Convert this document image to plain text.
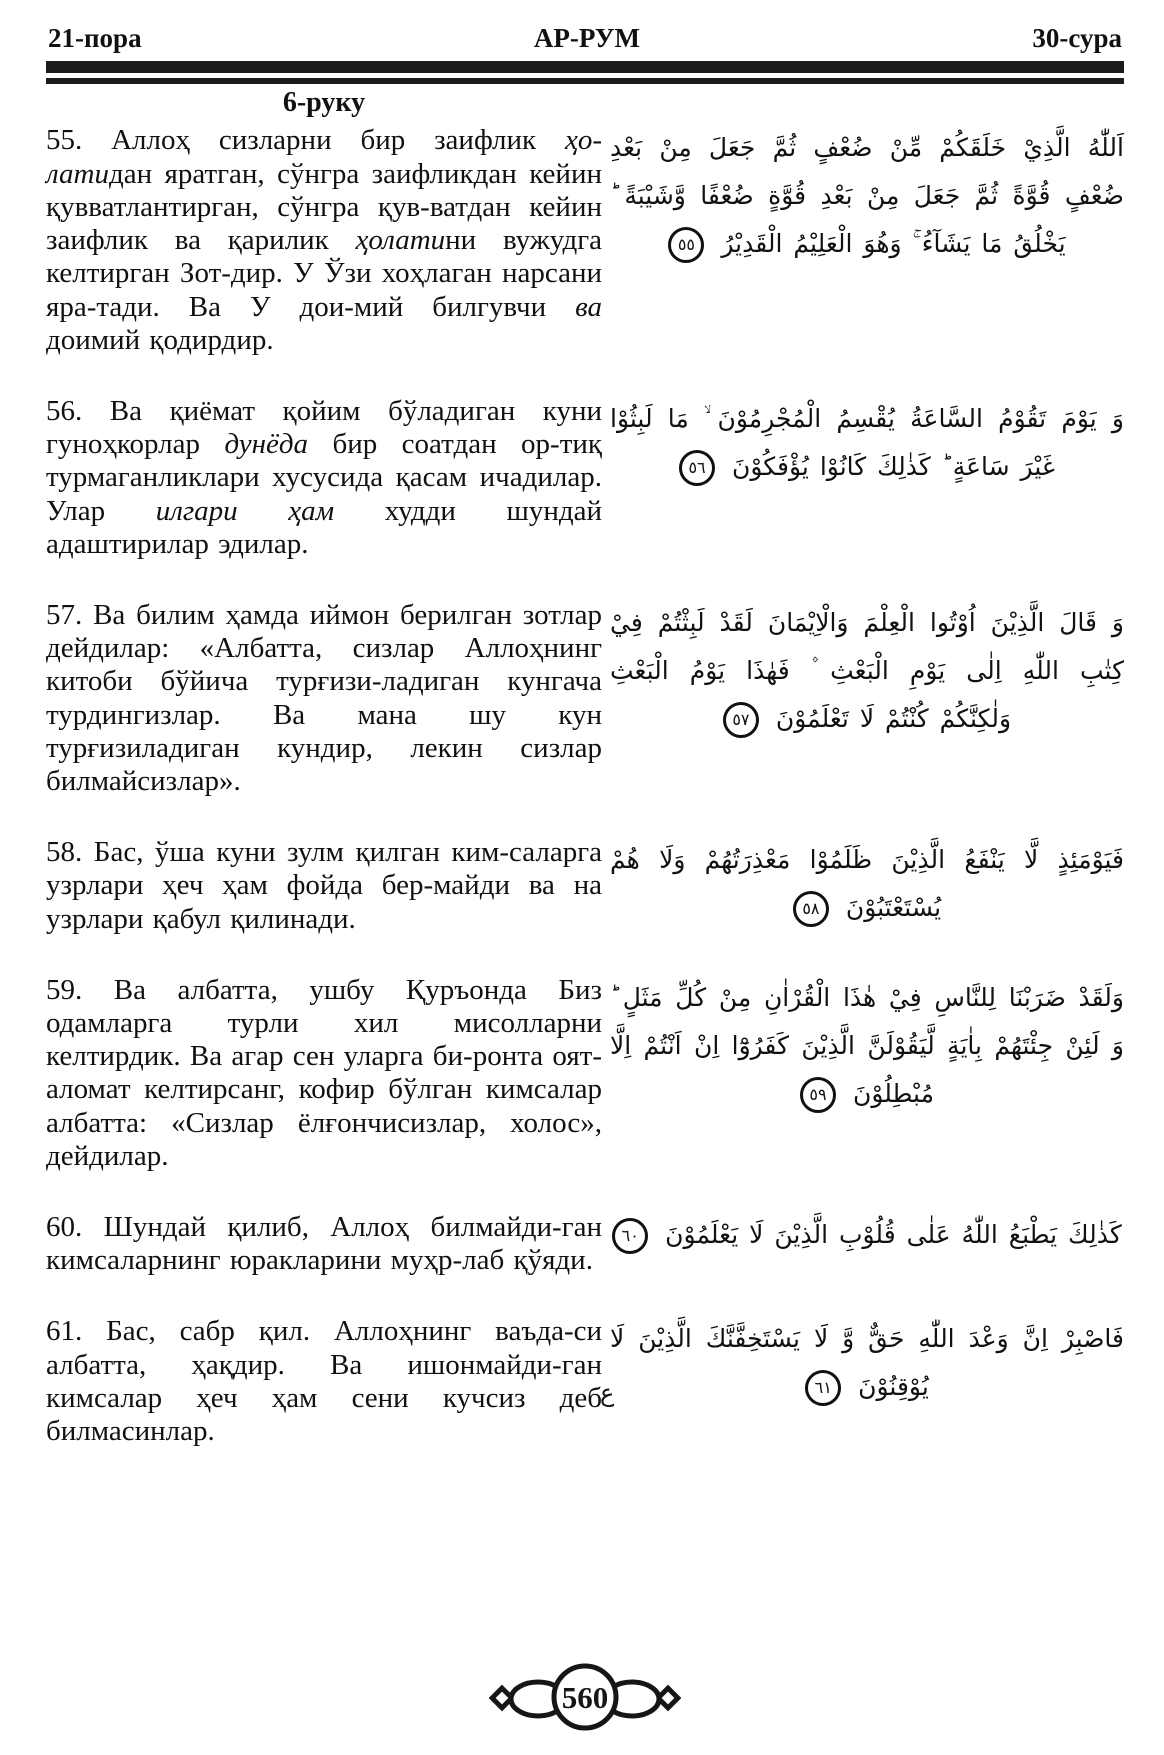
21-пора	АР-РУМ	30-сура
6-руку
55. Аллоҳ сизларни бир заифлик ҳо-латидан яратган, сўнгра заифликдан кейин қувватлантирган, сўнгра қув-ватдан кейин заифлик ва қарилик ҳолатини вужудга келтирган Зот-дир. У Ўзи хоҳлаган нарсани яра-тади. Ва У дои-мий билгувчи ва доимий қодирдир.
اَللّٰهُ الَّذِيْ خَلَقَكُمْ مِّنْ ضُعْفٍ ثُمَّ جَعَلَ مِنْ بَعْدِ ضُعْفٍ قُوَّةً ثُمَّ جَعَلَ مِنْ بَعْدِ قُوَّةٍ ضُعْفًا وَّشَيْبَةً ؕ يَخْلُقُ مَا يَشَآءُ ۚ وَهُوَ الْعَلِيْمُ الْقَدِيْرُ ٥٥
56. Ва қиёмат қойим бўладиган куни гуноҳкорлар дунёда бир соатдан ор-тиқ турмаганликлари хусусида қасам ичадилар. Улар илгари ҳам худди шундай адаштирилар эдилар.
وَ يَوْمَ تَقُوْمُ السَّاعَةُ يُقْسِمُ الْمُجْرِمُوْنَ ۙ مَا لَبِثُوْا غَيْرَ سَاعَةٍ ؕ كَذٰلِكَ كَانُوْا يُؤْفَكُوْنَ ٥٦
57. Ва билим ҳамда иймон берилган зотлар дейдилар: «Албатта, сизлар Аллоҳнинг китоби бўйича турғизи-ладиган кунгача турдингизлар. Ва мана шу кун турғизиладиган кундир, лекин сизлар билмайсизлар».
وَ قَالَ الَّذِيْنَ اُوْتُوا الْعِلْمَ وَالْاِيْمَانَ لَقَدْ لَبِثْتُمْ فِيْ كِتٰبِ اللّٰهِ اِلٰى يَوْمِ الْبَعْثِ ۫ فَهٰذَا يَوْمُ الْبَعْثِ وَلٰكِنَّكُمْ كُنْتُمْ لَا تَعْلَمُوْنَ ٥٧
58. Бас, ўша куни зулм қилган ким-саларга узрлари ҳеч ҳам фойда бер-майди ва на узрлари қабул қилинади.
فَيَوْمَئِذٍ لَّا يَنْفَعُ الَّذِيْنَ ظَلَمُوْا مَعْذِرَتُهُمْ وَلَا هُمْ يُسْتَعْتَبُوْنَ ٥٨
59. Ва албатта, ушбу Қуръонда Биз одамларга турли хил мисолларни келтирдик. Ва агар сен уларга би-ронта оят-аломат келтирсанг, кофир бўлган кимсалар албатта: «Сизлар ёлғончисизлар, холос», дейдилар.
وَلَقَدْ ضَرَبْنَا لِلنَّاسِ فِيْ هٰذَا الْقُرْاٰنِ مِنْ كُلِّ مَثَلٍ ؕ وَ لَئِنْ جِئْتَهُمْ بِاٰيَةٍ لَّيَقُوْلَنَّ الَّذِيْنَ كَفَرُوْٓا اِنْ اَنْتُمْ اِلَّا مُبْطِلُوْنَ ٥٩
60. Шундай қилиб, Аллоҳ билмайди-ган кимсаларнинг юракларини муҳр-лаб қўяди.
كَذٰلِكَ يَطْبَعُ اللّٰهُ عَلٰى قُلُوْبِ الَّذِيْنَ لَا يَعْلَمُوْنَ ٦٠
61. Бас, сабр қил. Аллоҳнинг ваъда-си албатта, ҳақдир. Ва ишонмайди-ган кимсалар ҳеч ҳам сени кучсиз деб билмасинлар.
فَاصْبِرْ اِنَّ وَعْدَ اللّٰهِ حَقٌّ وَّ لَا يَسْتَخِفَّنَّكَ الَّذِيْنَ لَا يُوْقِنُوْنَ ٦١
ع
560
